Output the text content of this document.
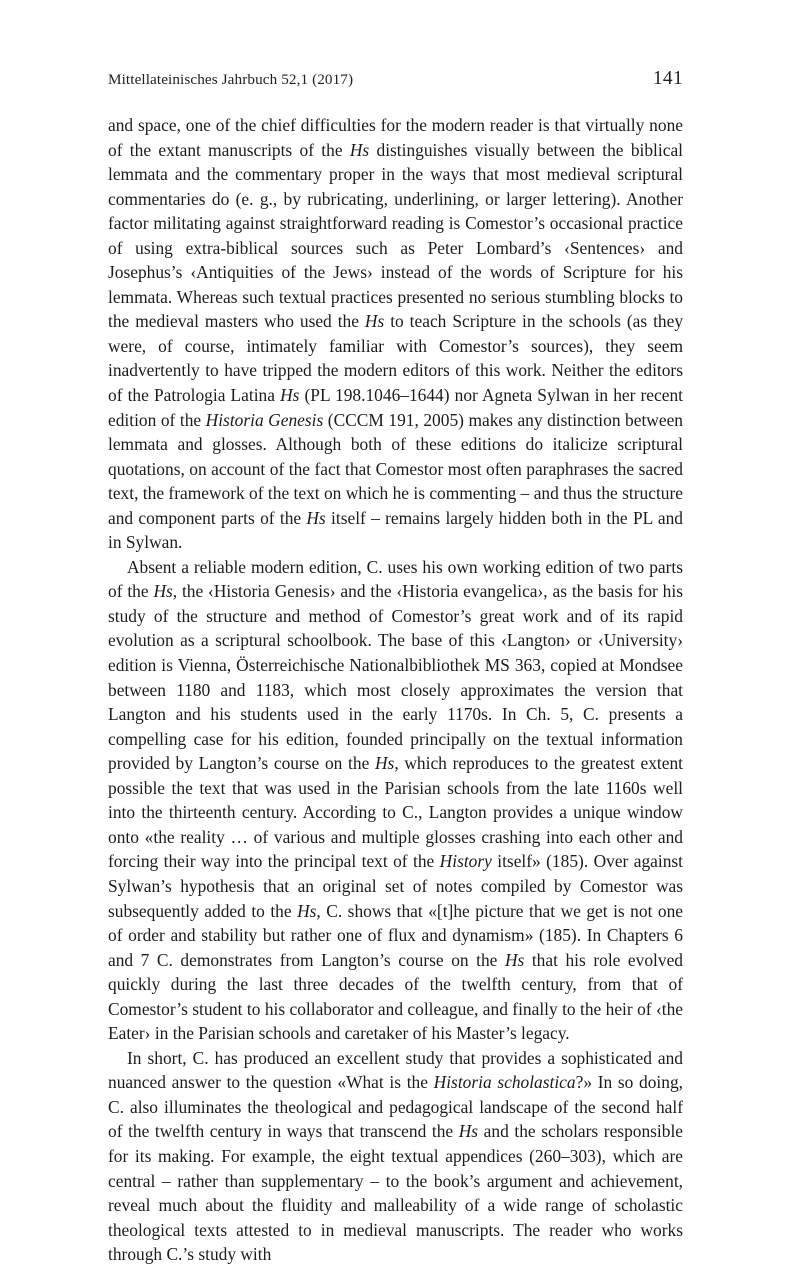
Mittellateinisches Jahrbuch 52,1 (2017)	141

and space, one of the chief difficulties for the modern reader is that virtually none of the extant manuscripts of the Hs distinguishes visually between the biblical lemmata and the commentary proper in the ways that most medieval scriptural commentaries do (e. g., by rubricating, underlining, or larger lettering). Another factor militating against straightforward reading is Comestor’s occasional practice of using extra-biblical sources such as Peter Lombard’s ‹Sentences› and Josephus’s ‹Antiquities of the Jews› instead of the words of Scripture for his lemmata. Whereas such textual practices presented no serious stumbling blocks to the medieval masters who used the Hs to teach Scripture in the schools (as they were, of course, intimately familiar with Comestor’s sources), they seem inadvertently to have tripped the modern editors of this work. Neither the editors of the Patrologia Latina Hs (PL 198.1046–1644) nor Agneta Sylwan in her recent edition of the Historia Genesis (CCCM 191, 2005) makes any distinction between lemmata and glosses. Although both of these editions do italicize scriptural quotations, on account of the fact that Comestor most often paraphrases the sacred text, the framework of the text on which he is commenting – and thus the structure and component parts of the Hs itself – remains largely hidden both in the PL and in Sylwan.

Absent a reliable modern edition, C. uses his own working edition of two parts of the Hs, the ‹Historia Genesis› and the ‹Historia evangelica›, as the basis for his study of the structure and method of Comestor’s great work and of its rapid evolution as a scriptural schoolbook. The base of this ‹Langton› or ‹University› edition is Vienna, Österreichische Nationalbibliothek MS 363, copied at Mondsee between 1180 and 1183, which most closely approximates the version that Langton and his students used in the early 1170s. In Ch. 5, C. presents a compelling case for his edition, founded principally on the textual information provided by Langton’s course on the Hs, which reproduces to the greatest extent possible the text that was used in the Parisian schools from the late 1160s well into the thirteenth century. According to C., Langton provides a unique window onto «the reality … of various and multiple glosses crashing into each other and forcing their way into the principal text of the History itself» (185). Over against Sylwan’s hypothesis that an original set of notes compiled by Comestor was subsequently added to the Hs, C. shows that «[t]he picture that we get is not one of order and stability but rather one of flux and dynamism» (185). In Chapters 6 and 7 C. demonstrates from Langton’s course on the Hs that his role evolved quickly during the last three decades of the twelfth century, from that of Comestor’s student to his collaborator and colleague, and finally to the heir of ‹the Eater› in the Parisian schools and caretaker of his Master’s legacy.

In short, C. has produced an excellent study that provides a sophisticated and nuanced answer to the question «What is the Historia scholastica?» In so doing, C. also illuminates the theological and pedagogical landscape of the second half of the twelfth century in ways that transcend the Hs and the scholars responsible for its making. For example, the eight textual appendices (260–303), which are central – rather than supplementary – to the book’s argument and achievement, reveal much about the fluidity and malleability of a wide range of scholastic theological texts attested to in medieval manuscripts. The reader who works through C.’s study with
